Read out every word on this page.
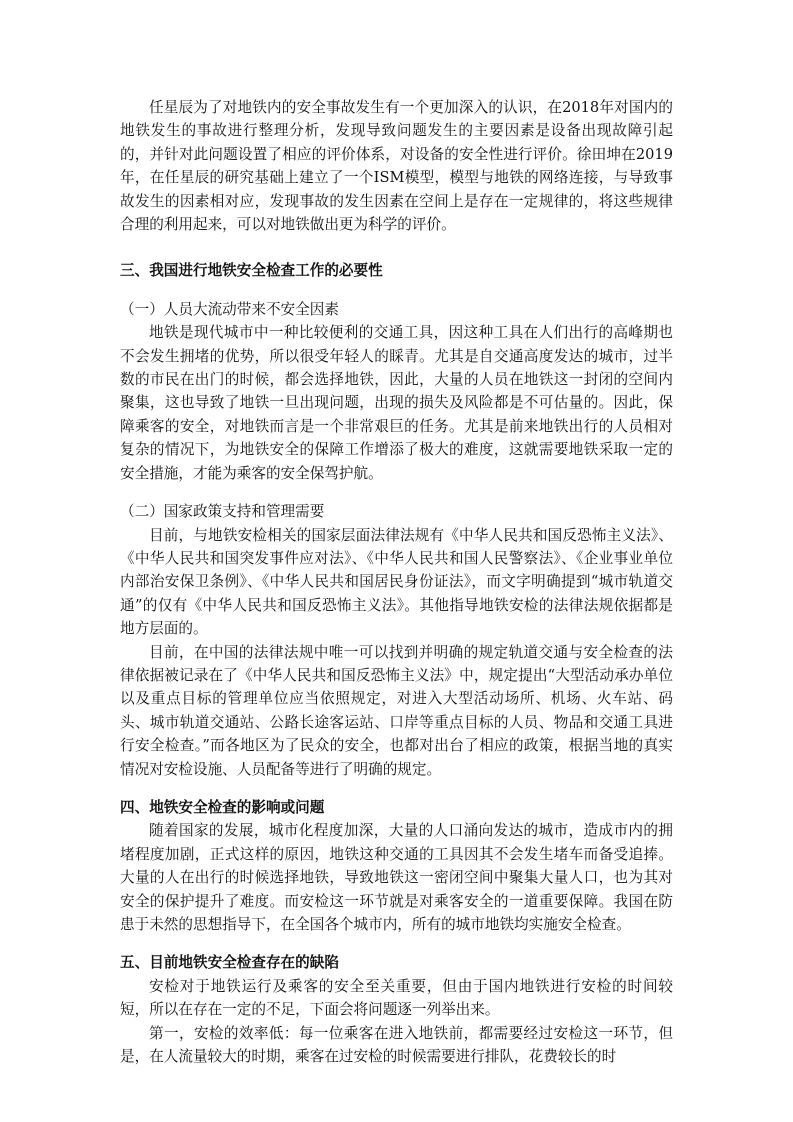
任星辰为了对地铁内的安全事故发生有一个更加深入的认识，在2018年对国内的地铁发生的事故进行整理分析，发现导致问题发生的主要因素是设备出现故障引起的，并针对此问题设置了相应的评价体系，对设备的安全性进行评价。徐田坤在2019年，在任星辰的研究基础上建立了一个ISM模型，模型与地铁的网络连接，与导致事故发生的因素相对应，发现事故的发生因素在空间上是存在一定规律的，将这些规律合理的利用起来，可以对地铁做出更为科学的评价。

三、我国进行地铁安全检查工作的必要性
（一）人员大流动带来不安全因素

地铁是现代城市中一种比较便利的交通工具，因这种工具在人们出行的高峰期也不会发生拥堵的优势，所以很受年轻人的睬青。尤其是自交通高度发达的城市，过半数的市民在出门的时候，都会选择地铁，因此，大量的人员在地铁这一封闭的空间内聚集，这也导致了地铁一旦出现问题，出现的损失及风险都是不可估量的。因此，保障乘客的安全，对地铁而言是一个非常艰巨的任务。尤其是前来地铁出行的人员相对复杂的情况下，为地铁安全的保障工作增添了极大的难度，这就需要地铁采取一定的安全措施，才能为乘客的安全保驾护航。

（二）国家政策支持和管理需要

目前，与地铁安检相关的国家层面法律法规有《中华人民共和国反恐怖主义法》、《中华人民共和国突发事件应对法》、《中华人民共和国人民警察法》、《企业事业单位内部治安保卫条例》、《中华人民共和国居民身份证法》，而文字明确提到“城市轨道交通”的仅有《中华人民共和国反恐怖主义法》。其他指导地铁安检的法律法规依据都是地方层面的。

目前，在中国的法律法规中唯一可以找到并明确的规定轨道交通与安全检查的法律依据被记录在了《中华人民共和国反恐怖主义法》中，规定提出“大型活动承办单位以及重点目标的管理单位应当依照规定，对进入大型活动场所、机场、火车站、码头、城市轨道交通站、公路长途客运站、口岸等重点目标的人员、物品和交通工具进行安全检查。”而各地区为了民众的安全，也都对出台了相应的政策，根据当地的真实情况对安检设施、人员配备等进行了明确的规定。

四、地铁安全检查的影响或问题

随着国家的发展，城市化程度加深，大量的人口涌向发达的城市，造成市内的拥堵程度加剧，正式这样的原因，地铁这种交通的工具因其不会发生堵车而备受追捧。大量的人在出行的时候选择地铁，导致地铁这一密闭空间中聚集大量人口，也为其对安全的保护提升了难度。而安检这一环节就是对乘客安全的一道重要保障。我国在防患于未然的思想指导下，在全国各个城市内，所有的城市地铁均实施安全检查。

五、目前地铁安全检查存在的缺陷

安检对于地铁运行及乘客的安全至关重要，但由于国内地铁进行安检的时间较短，所以在存在一定的不足，下面会将问题逐一列举出来。

第一，安检的效率低：每一位乘客在进入地铁前，都需要经过安检这一环节，但是，在人流量较大的时期，乘客在过安检的时候需要进行排队，花费较长的时
